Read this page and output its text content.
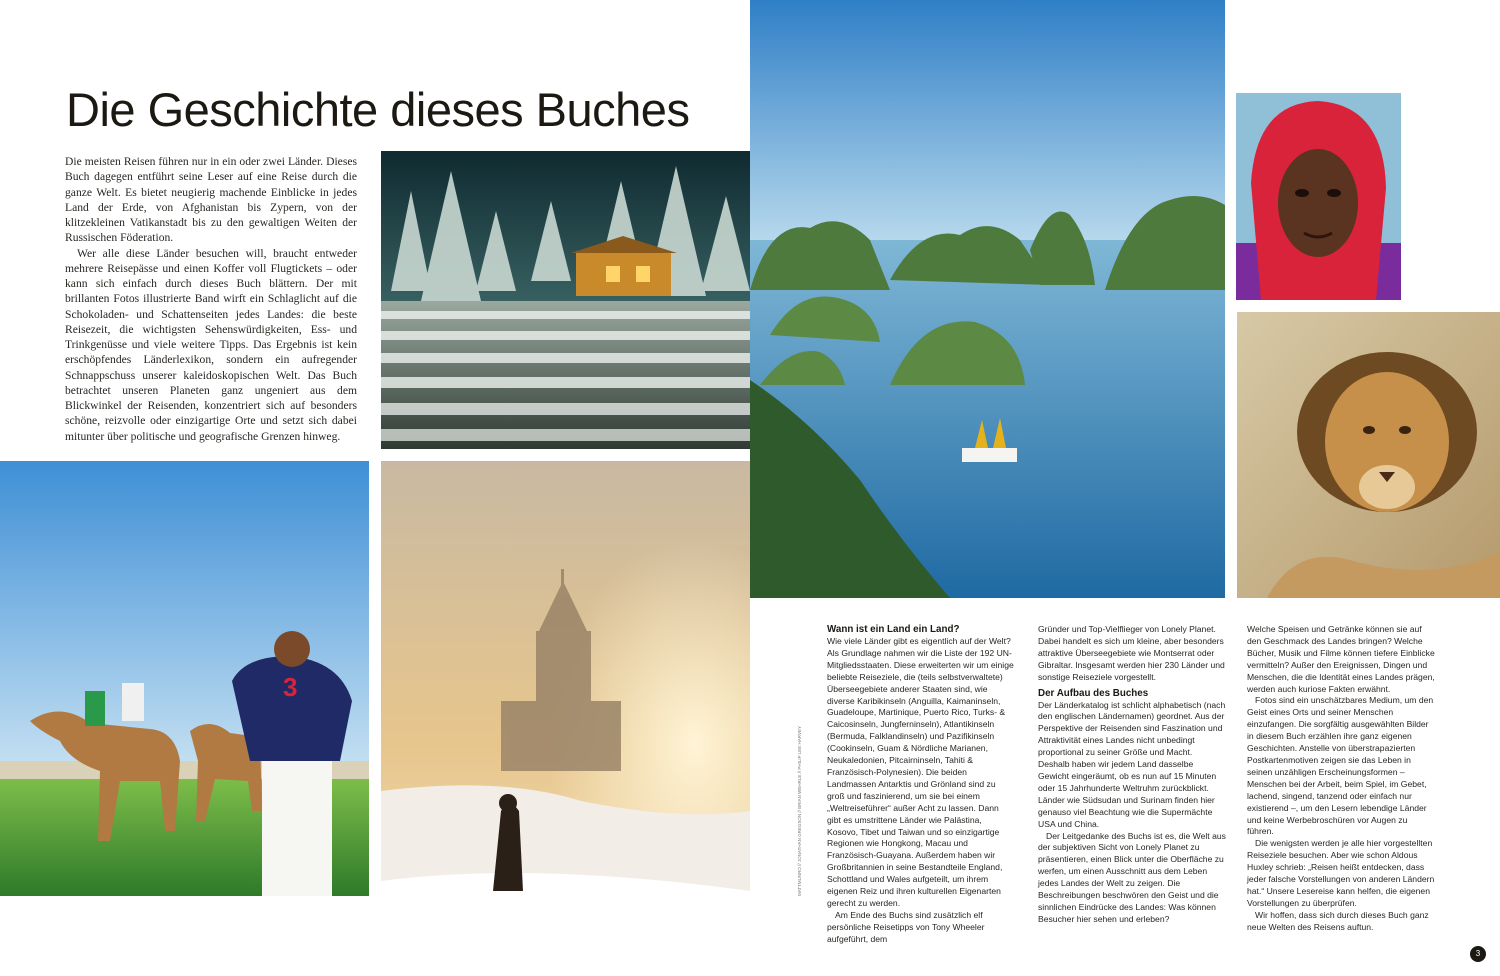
Die Geschichte dieses Buches

Die meisten Reisen führen nur in ein oder zwei Länder. Dieses Buch dagegen entführt seine Leser auf eine Reise durch die ganze Welt. Es bietet neugierig machende Einblicke in jedes Land der Erde, von Afghanistan bis Zypern, von der klitzekleinen Vatikanstadt bis zu den gewaltigen Weiten der Russischen Föderation.

Wer alle diese Länder besuchen will, braucht entweder mehrere Reisepässe und einen Koffer voll Flugtickets – oder kann sich einfach durch dieses Buch blättern. Der mit brillanten Fotos illustrierte Band wirft ein Schlaglicht auf die Schokoladen- und Schattenseiten jedes Landes: die beste Reisezeit, die wichtigsten Sehenswürdigkeiten, Ess- und Trinkgenüsse und viele weitere Tipps. Das Ergebnis ist kein erschöpfendes Länderlexikon, sondern ein aufregender Schnappschuss unserer kaleidoskopischen Welt. Das Buch betrachtet unseren Planeten ganz ungeniert aus dem Blickwinkel der Reisenden, konzentriert sich auf besonders schöne, reizvolle oder einzigartige Orte und setzt sich dabei mitunter über politische und geografische Grenzen hinweg.

3
MATTMUNRO // JONATHAN GREGSON // BRIAN WEHRLE // PHILIP LEE HARVEY
Wann ist ein Land ein Land?

Wie viele Länder gibt es eigentlich auf der Welt? Als Grundlage nahmen wir die Liste der 192 UN-Mitgliedsstaaten. Diese erweiterten wir um einige beliebte Reiseziele, die (teils selbstverwaltete) Überseegebiete anderer Staaten sind, wie diverse Karibikinseln (Anguilla, Kaimaninseln, Guadeloupe, Martinique, Puerto Rico, Turks- & Caicosinseln, Jungferninseln), Atlantikinseln (Bermuda, Falklandinseln) und Pazifikinseln (Cookinseln, Guam & Nördliche Marianen, Neukaledonien, Pitcairninseln, Tahiti & Französisch-Polynesien). Die beiden Landmassen Antarktis und Grönland sind zu groß und faszinierend, um sie bei einem „Weltreiseführer“ außer Acht zu lassen. Dann gibt es umstrittene Länder wie Palästina, Kosovo, Tibet und Taiwan und so einzigartige Regionen wie Hongkong, Macau und Französisch-Guayana. Außerdem haben wir Großbritannien in seine Bestandteile England, Schottland und Wales aufgeteilt, um ihrem eigenen Reiz und ihren kulturellen Eigenarten gerecht zu werden.

Am Ende des Buchs sind zusätzlich elf persönliche Reisetipps von Tony Wheeler aufgeführt, dem

Gründer und Top-Vielflieger von Lonely Planet. Dabei handelt es sich um kleine, aber besonders attraktive Überseegebiete wie Montserrat oder Gibraltar. Insgesamt werden hier 230 Länder und sonstige Reiseziele vorgestellt.

Der Aufbau des Buches

Der Länderkatalog ist schlicht alphabetisch (nach den englischen Ländernamen) geordnet. Aus der Perspektive der Reisenden sind Faszination und Attraktivität eines Landes nicht unbedingt proportional zu seiner Größe und Macht. Deshalb haben wir jedem Land dasselbe Gewicht eingeräumt, ob es nun auf 15 Minuten oder 15 Jahrhunderte Weltruhm zurückblickt. Länder wie Südsudan und Surinam finden hier genauso viel Beachtung wie die Supermächte USA und China.

Der Leitgedanke des Buchs ist es, die Welt aus der subjektiven Sicht von Lonely Planet zu präsentieren, einen Blick unter die Oberfläche zu werfen, um einen Ausschnitt aus dem Leben jedes Landes der Welt zu zeigen. Die Beschreibungen beschwören den Geist und die sinnlichen Eindrücke des Landes: Was können Besucher hier sehen und erleben?

Welche Speisen und Getränke können sie auf den Geschmack des Landes bringen? Welche Bücher, Musik und Filme können tiefere Einblicke vermitteln? Außer den Ereignissen, Dingen und Menschen, die die Identität eines Landes prägen, werden auch kuriose Fakten erwähnt.

Fotos sind ein unschätzbares Medium, um den Geist eines Orts und seiner Menschen einzufangen. Die sorgfältig ausgewählten Bilder in diesem Buch erzählen ihre ganz eigenen Geschichten. Anstelle von überstrapazierten Postkartenmotiven zeigen sie das Leben in seinen unzähligen Erscheinungsformen – Menschen bei der Arbeit, beim Spiel, im Gebet, lachend, singend, tanzend oder einfach nur existierend –, um den Lesern lebendige Länder und keine Werbebroschüren vor Augen zu führen.

Die wenigsten werden je alle hier vorgestellten Reiseziele besuchen. Aber wie schon Aldous Huxley schrieb: „Reisen heißt entdecken, dass jeder falsche Vorstellungen von anderen Ländern hat.“ Unsere Lesereise kann helfen, die eigenen Vorstellungen zu überprüfen.

Wir hoffen, dass sich durch dieses Buch ganz neue Welten des Reisens auftun.

3
